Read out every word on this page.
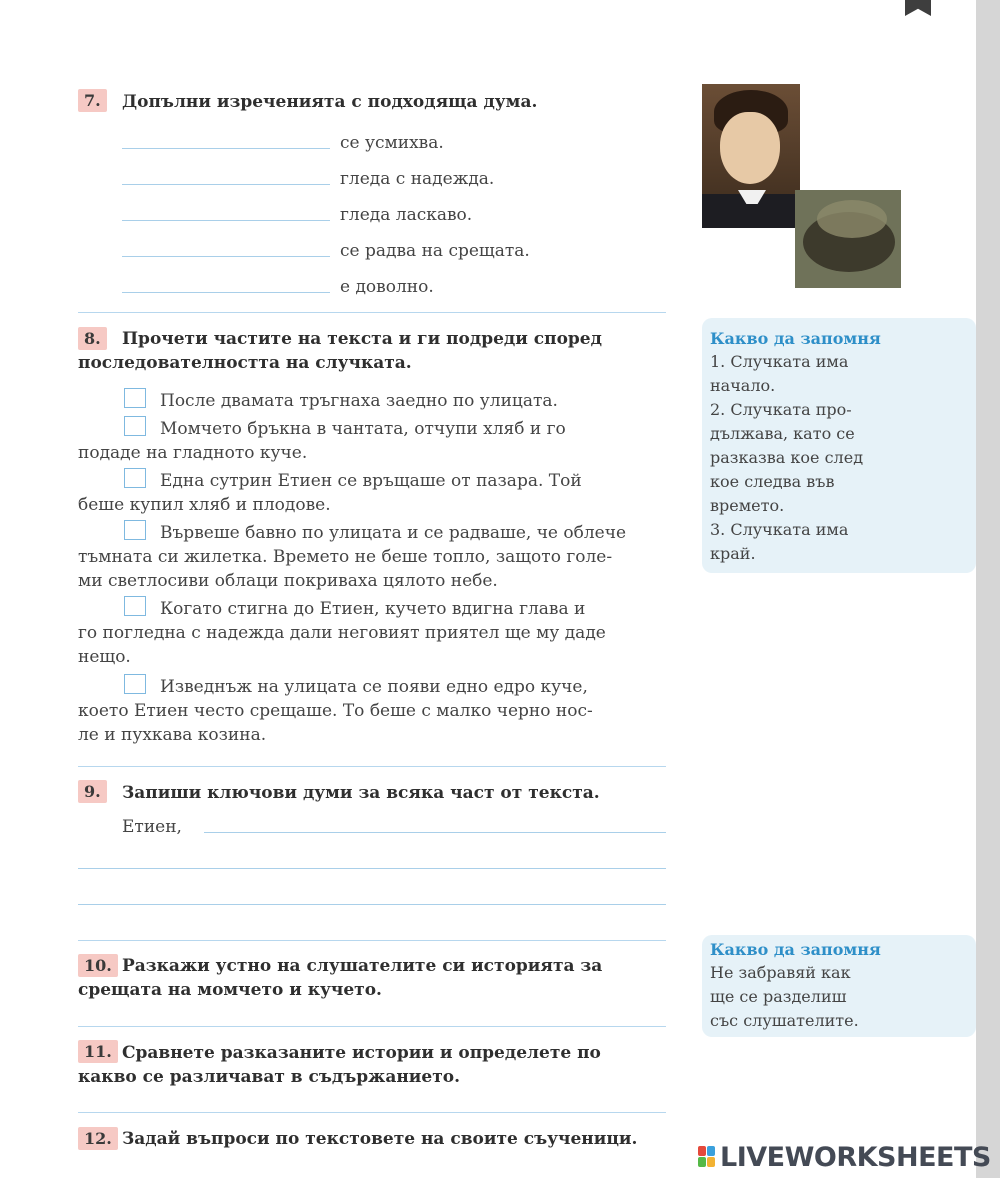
7.	Допълни изреченията с подходяща дума.
се усмихва.
гледа с надежда.
гледа ласкаво.
се радва на срещата.
е доволно.
8.	Прочети частите на текста и ги подреди според
последователността на случката.
После двамата тръгнаха заедно по улицата.
Момчето бръкна в чантата, отчупи хляб и го
подаде на гладното куче.
Една сутрин Етиен се връщаше от пазара. Той
беше купил хляб и плодове.
Вървеше бавно по улицата и се радваше, че облече
тъмната си жилетка. Времето не беше топло, защото голе-
ми светлосиви облаци покриваха цялото небе.
Когато стигна до Етиен, кучето вдигна глава и
го погледна с надежда дали неговият приятел ще му даде
нещо.
Изведнъж на улицата се появи едно едро куче,
което Етиен често срещаше. То беше с малко черно нос-
ле и пухкава козина.
Какво да запомня
1. Случката има
начало.
2. Случката про-
дължава, като се
разказва кое след
кое следва във
времето.
3. Случката има
край.
9.	Запиши ключови думи за всяка част от текста.
Етиен,
10. Разкажи устно на слушателите си историята за
срещата на момчето и кучето.
Какво да запомня
Не забравяй как
ще се разделиш
със слушателите.
11. Сравнете разказаните истории и определете по
какво се различават в съдържанието.
12. Задай въпроси по текстовете на своите съученици.
LIVEWORKSHEETS
